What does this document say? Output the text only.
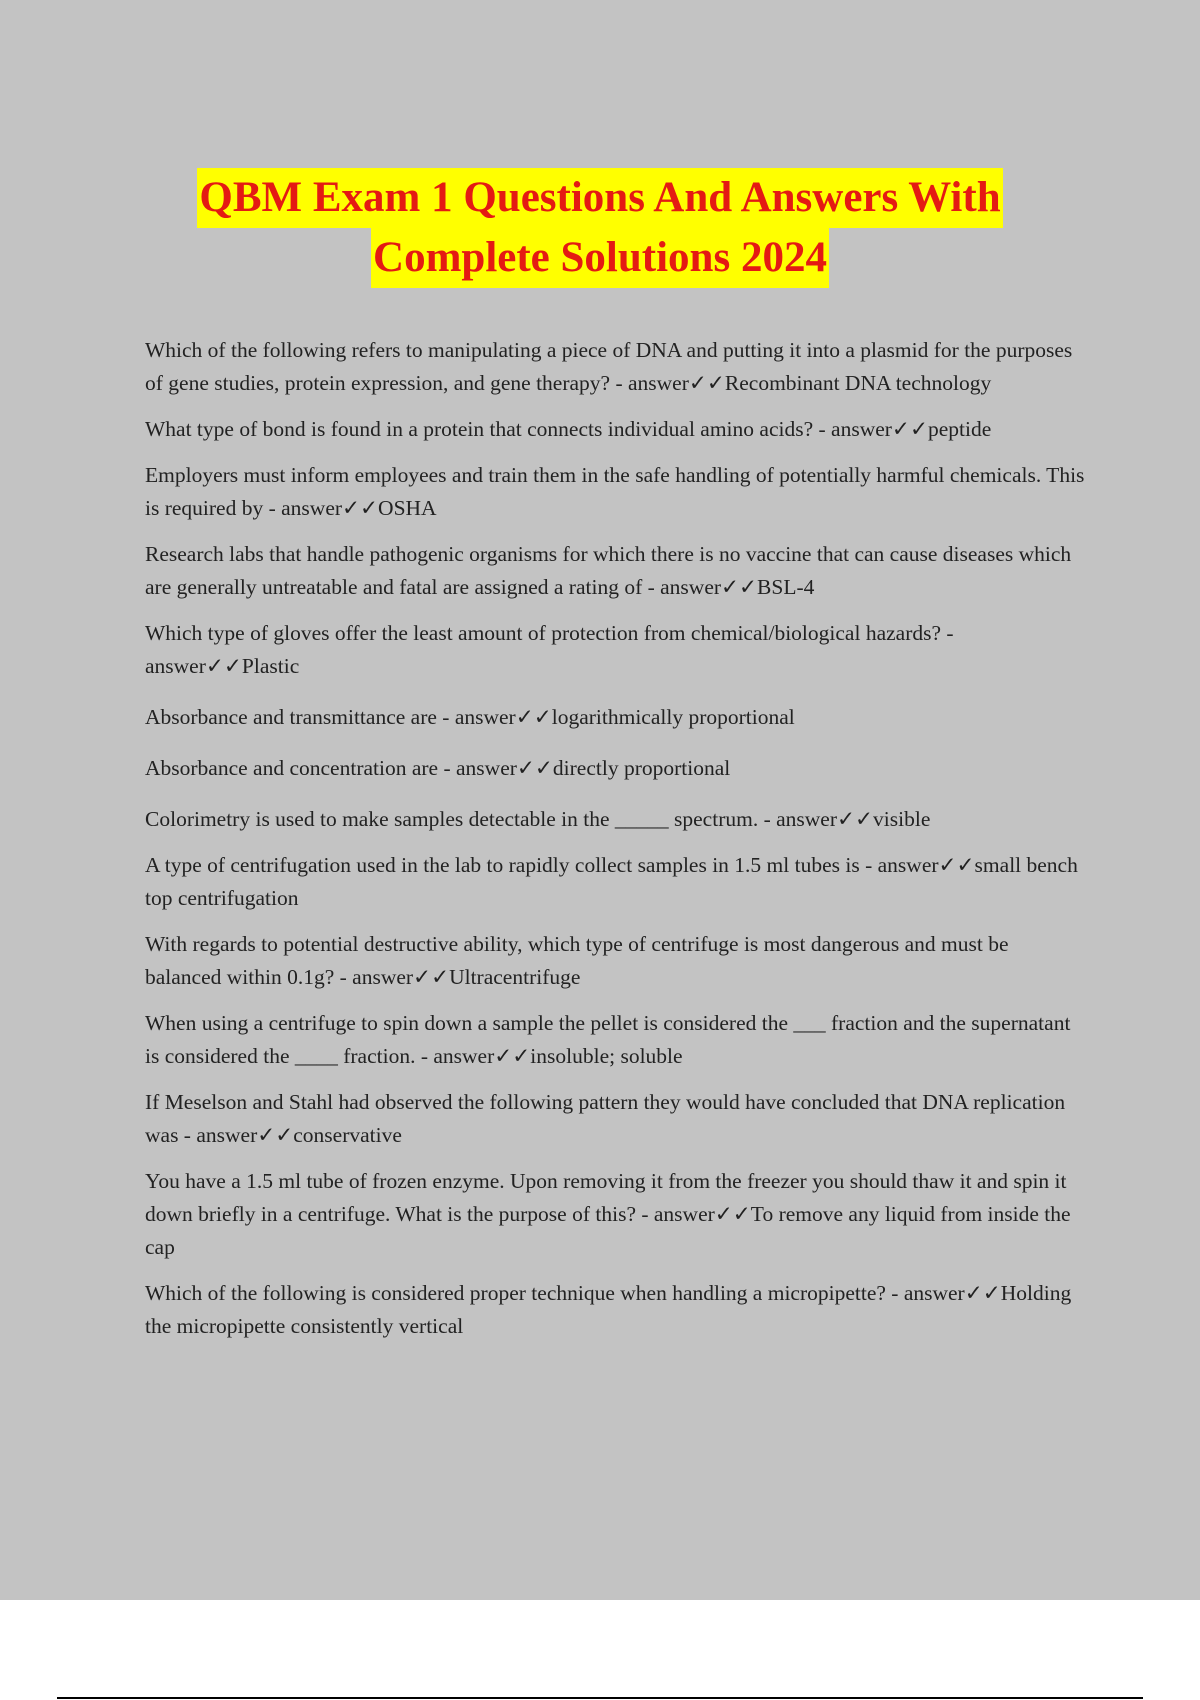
QBM Exam 1 Questions And Answers With
Complete Solutions 2024

Which of the following refers to manipulating a piece of DNA and putting it into a plasmid for the purposes of gene studies, protein expression, and gene therapy? - answer✓✓Recombinant DNA technology

What type of bond is found in a protein that connects individual amino acids? - answer✓✓peptide

Employers must inform employees and train them in the safe handling of potentially harmful chemicals. This is required by - answer✓✓OSHA

Research labs that handle pathogenic organisms for which there is no vaccine that can cause diseases which are generally untreatable and fatal are assigned a rating of - answer✓✓BSL-4

Which type of gloves offer the least amount of protection from chemical/biological hazards? - answer✓✓Plastic

Absorbance and transmittance are - answer✓✓logarithmically proportional

Absorbance and concentration are - answer✓✓directly proportional

Colorimetry is used to make samples detectable in the _____ spectrum. - answer✓✓visible

A type of centrifugation used in the lab to rapidly collect samples in 1.5 ml tubes is - answer✓✓small bench top centrifugation

With regards to potential destructive ability, which type of centrifuge is most dangerous and must be balanced within 0.1g? - answer✓✓Ultracentrifuge

When using a centrifuge to spin down a sample the pellet is considered the ___ fraction and the supernatant is considered the ____ fraction. - answer✓✓insoluble; soluble

If Meselson and Stahl had observed the following pattern they would have concluded that DNA replication was - answer✓✓conservative

You have a 1.5 ml tube of frozen enzyme. Upon removing it from the freezer you should thaw it and spin it down briefly in a centrifuge. What is the purpose of this? - answer✓✓To remove any liquid from inside the cap

Which of the following is considered proper technique when handling a micropipette? - answer✓✓Holding the micropipette consistently vertical
